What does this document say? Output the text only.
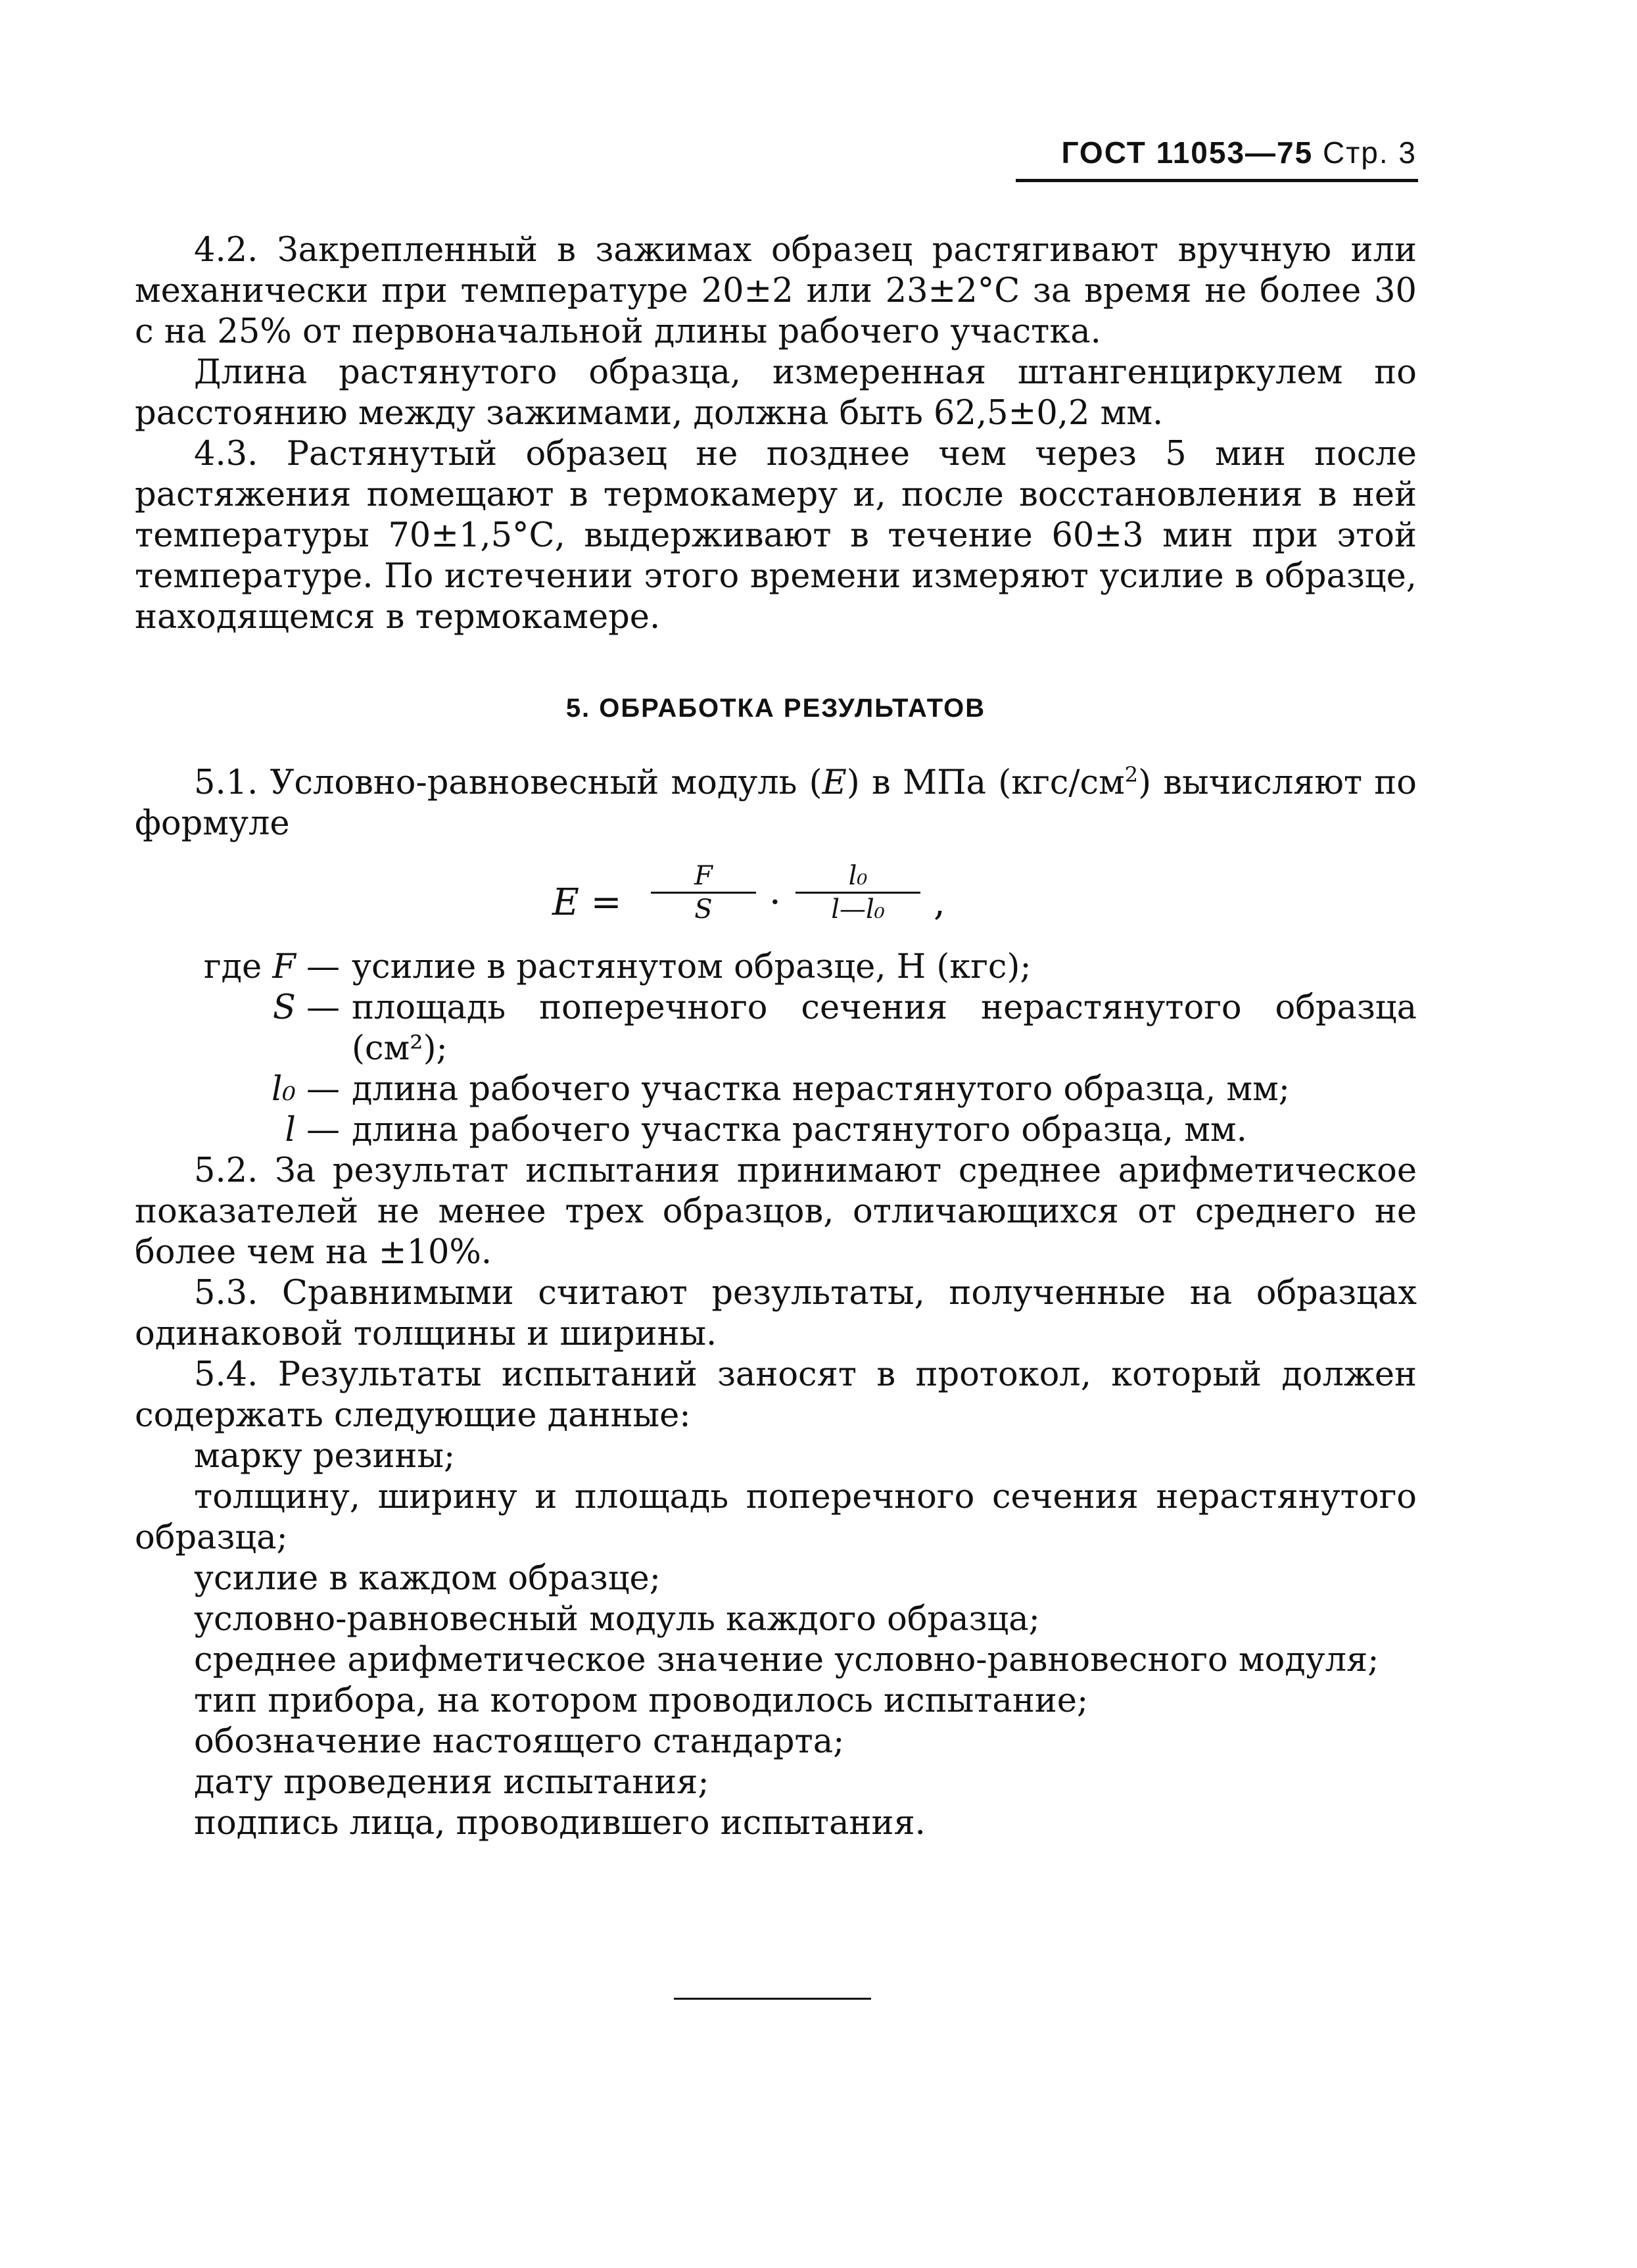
ГОСТ 11053—75 Стр. 3

4.2. Закрепленный в зажимах образец растягивают вручную или механически при температуре 20±2 или 23±2°С за время не более 30 с на 25% от первоначальной длины рабочего участка.

Длина растянутого образца, измеренная штангенциркулем по расстоянию между зажимами, должна быть 62,5±0,2 мм.

4.3. Растянутый образец не позднее чем через 5 мин после растяжения помещают в термокамеру и, после восстановления в ней температуры 70±1,5°С, выдерживают в течение 60±3 мин при этой температуре. По истечении этого времени измеряют усилие в образце, находящемся в термокамере.

5. ОБРАБОТКА РЕЗУЛЬТАТОВ

5.1. Условно-равновесный модуль (E) в МПа $(кгс/см^2)$ вычисляют по формуле

E =
F
S	·
l₀
l—l₀	,
где F — усилие в растянутом образце, Н (кгс);
S — площадь поперечного сечения нерастянутого образца (см²);
l₀ — длина рабочего участка нерастянутого образца, мм;
l — длина рабочего участка растянутого образца, мм.

5.2. За результат испытания принимают среднее арифметическое показателей не менее трех образцов, отличающихся от среднего не более чем на ±10%.

5.3. Сравнимыми считают результаты, полученные на образцах одинаковой толщины и ширины.

5.4. Результаты испытаний заносят в протокол, который должен содержать следующие данные:

марку резины;

толщину, ширину и площадь поперечного сечения нерастянутого образца;

усилие в каждом образце;

условно-равновесный модуль каждого образца;

среднее арифметическое значение условно-равновесного модуля;

тип прибора, на котором проводилось испытание;

обозначение настоящего стандарта;

дату проведения испытания;

подпись лица, проводившего испытания.
